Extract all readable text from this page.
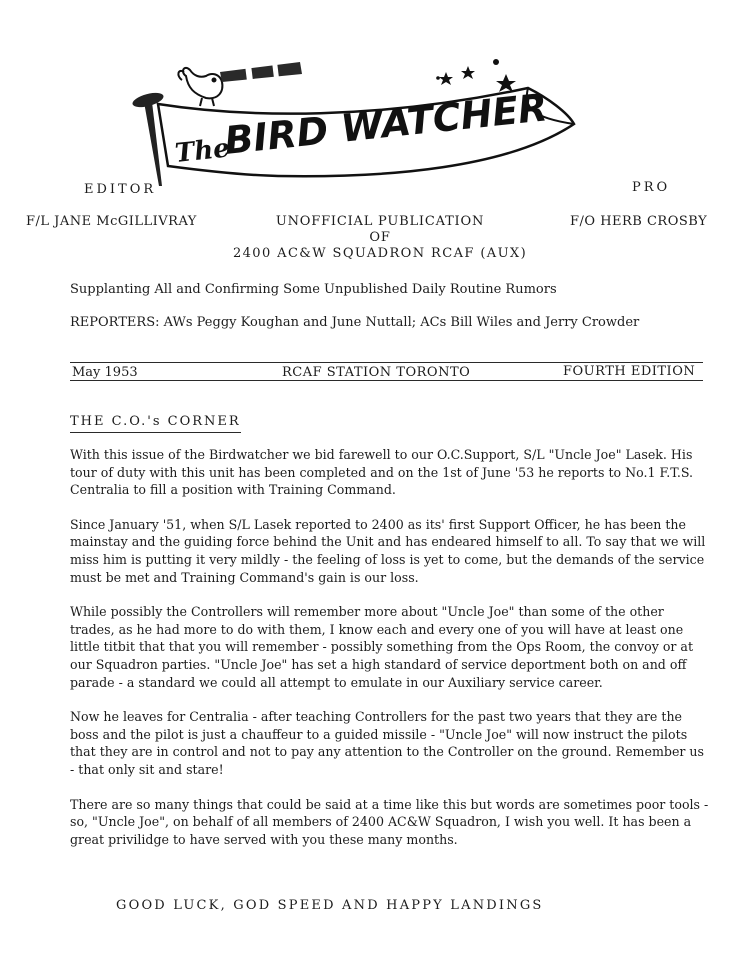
The
BIRD WATCHER
EDITOR	PRO
F/L JANE McGILLIVRAY	F/O HERB CROSBY
UNOFFICIAL PUBLICATION
OF
2400 AC&W SQUADRON RCAF (AUX)
Supplanting All and Confirming Some Unpublished Daily Routine Rumors
REPORTERS: AWs Peggy Koughan and June Nuttall; ACs Bill Wiles and Jerry Crowder
May 1953	RCAF STATION TORONTO	FOURTH EDITION
THE C.O.'s CORNER

With this issue of the Birdwatcher we bid farewell to our O.C.Support, S/L "Uncle Joe" Lasek. His tour of duty with this unit has been completed and on the 1st of June '53 he reports to No.1 F.T.S. Centralia to fill a position with Training Command.

Since January '51, when S/L Lasek reported to 2400 as its' first Support Officer, he has been the mainstay and the guiding force behind the Unit and has endeared himself to all. To say that we will miss him is putting it very mildly - the feeling of loss is yet to come, but the demands of the service must be met and Training Command's gain is our loss.

While possibly the Controllers will remember more about "Uncle Joe" than some of the other trades, as he had more to do with them, I know each and every one of you will have at least one little titbit that that you will remember - possibly something from the Ops Room, the convoy or at our Squadron parties. "Uncle Joe" has set a high standard of service deportment both on and off parade - a standard we could all attempt to emulate in our Auxiliary service career.

Now he leaves for Centralia - after teaching Controllers for the past two years that they are the boss and the pilot is just a chauffeur to a guided missile - "Uncle Joe" will now instruct the pilots that they are in control and not to pay any attention to the Controller on the ground. Remember us - that only sit and stare!

There are so many things that could be said at a time like this but words are sometimes poor tools - so, "Uncle Joe", on behalf of all members of 2400 AC&W Squadron, I wish you well. It has been a great privilidge to have served with you these many months.

GOOD LUCK, GOD SPEED AND HAPPY LANDINGS
